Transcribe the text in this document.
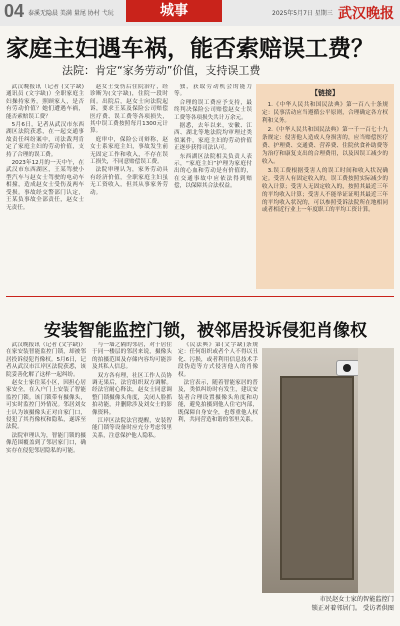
04 泰溪无隐晨 美满 量尾 协村 弋玩	城事	2025年5月7日 星期三 武汉晚报
家庭主妇遇车祸，能否索赔误工费？
法院：肯定“家务劳动”价值，支持误工费

武汉晚报讯（记者 (文字缺) 通讯员 (文字缺)）全职家庭主妇操持家务，照顾家人，是否有劳动价值？她们遭遇车祸，能否索赔误工费？

5月6日，记者从武汉市东西湖区法院获悉，在一起交通事故责任纠纷案中，司法裁判肯定了家庭主妇的劳动价值，支持了合理的误工费。

2023年12月的一天中午，在武汉市东西湖区，王某驾驶小型汽车与赵女士驾驶的电动车相撞，造成赵女士受伤及两车受损。事故经交警部门认定，王某负事故全部责任，赵女士无责任。

赵女士受伤后住院治疗，经诊断为(文字缺)，住院一段时间。出院后，赵女士向法院起诉，要求王某及保险公司赔偿医疗费、误工费等各项损失，其中误工费按照每月1300元计算。

庭审中，保险公司辩称，赵女士系家庭主妇，事故发生前无固定工作和收入，不存在误工损失，不同意赔偿误工费。

法院审理认为，家务劳动具有经济价值，全职家庭主妇虽无工资收入，但其从事家务劳动。

独，获取劳动机会的能力等。

合理的误工费应予支持，最终判决保险公司赔偿赵女士误工费等各项损失共计万余元。

据悉，去年以来，安徽、江西、湖北等地法院均审理过类似案件，家庭主妇的劳动价值正逐步获得司法认可。

东西湖区法院相关负责人表示，“家庭主妇”护理为家庭付出的心血和劳动是有价值的，在交通事故中应依法得到赔偿，以保障其合法权益。

【链接】

1.《中华人民共和国民法典》第一百八十条规定：民事活动应当遵循公平原则，合理确定各方权利和义务。

2.《中华人民共和国民法典》第一千一百七十九条规定：侵害他人造成人身损害的，应当赔偿医疗费、护理费、交通费、营养费、住院伙食补助费等为治疗和康复支出的合理费用，以及因误工减少的收入。

3.误工费根据受害人的误工时间和收入状况确定。受害人有固定收入的，误工费按照实际减少的收入计算；受害人无固定收入的，按照其最近三年的平均收入计算；受害人不能举证证明其最近三年的平均收入状况的，可以参照受诉法院所在地相同或者相近行业上一年度职工的平均工资计算。

安装智能监控门锁，被邻居投诉侵犯肖像权

武汉晚报讯（记者 (文字缺)）在家安装智能监控门锁，却被邻居投诉侵犯肖像权。5月6日，记者从武汉市江岸区法院获悉，该院妥善化解了这样一起纠纷。

赵女士家住某小区，因担心居家安全，在入户门上安装了智能监控门锁。该门锁带有摄像头，可实时监控门外情况。邻居刘女士认为该摄像头正对自家门口，侵犯了其肖像权和隐私，遂诉至法院。

法院审理认为，智能门锁的摄像范围覆盖到了邻居家门口，确实存在侵犯邻居隐私的可能。

与一墙之隔的邻居，对于居住于同一楼层的邻居来说，摄像头的拍摄范围及存储内容均可能涉及其私人信息。

双方各有理，社区工作人员协调无果后，法官组织双方调解。经法官耐心释法，赵女士同意调整门锁摄像头角度，关闭人脸抓拍功能，并删除涉及刘女士的影像资料。

江岸区法院法官提醒，安装智能门锁等设备时应充分考虑邻里关系，注意保护他人隐私。

《民法典》第(文字缺)条规定：任何组织或者个人不得以丑化、污损，或者利用信息技术手段伪造等方式侵害他人的肖像权。

法官表示，随着智能家居的普及，类似纠纷时有发生，建议安装者合理设置摄像头角度和功能，避免拍摄到他人住宅内部，既保障自身安全，也尊重他人权利，共同营造和谐的邻里关系。

市民赵女士家的智能监控门
锁正对着邻居门。 受访者供图
